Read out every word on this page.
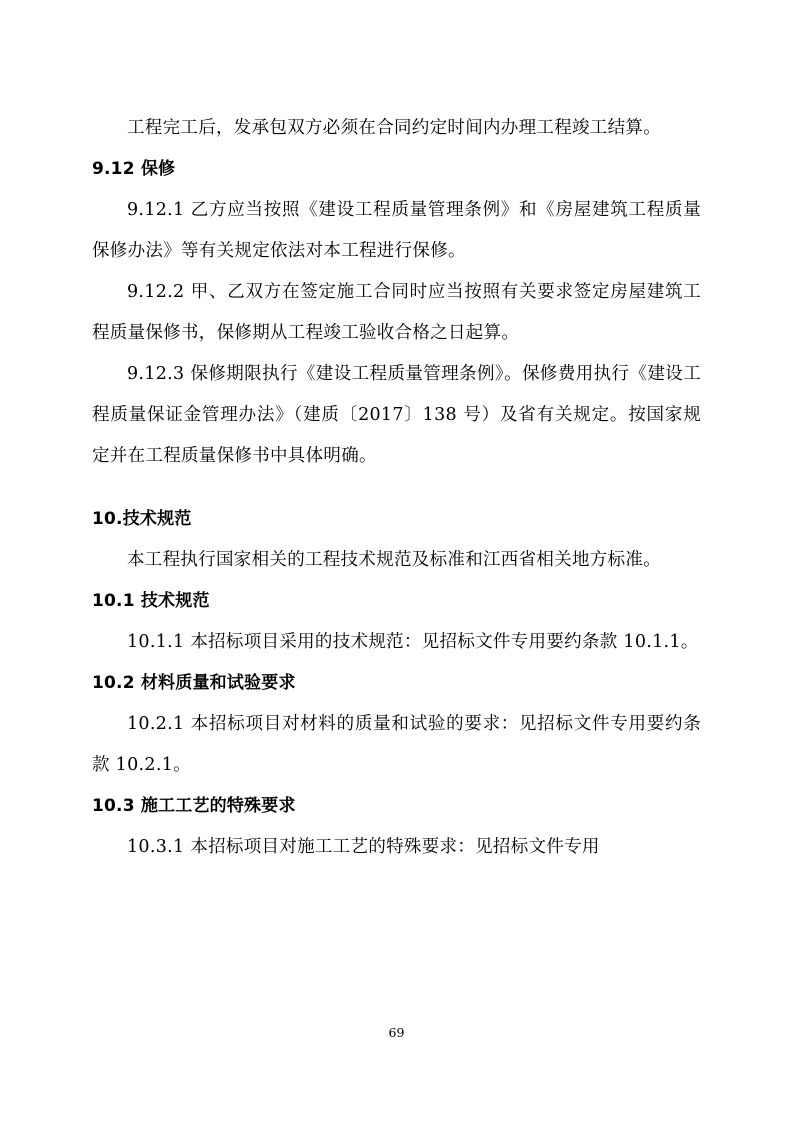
工程完工后，发承包双方必须在合同约定时间内办理工程竣工结算。

9.12 保修

9.12.1 乙方应当按照《建设工程质量管理条例》和《房屋建筑工程质量保修办法》等有关规定依法对本工程进行保修。

9.12.2 甲、乙双方在签定施工合同时应当按照有关要求签定房屋建筑工程质量保修书，保修期从工程竣工验收合格之日起算。

9.12.3 保修期限执行《建设工程质量管理条例》。保修费用执行《建设工程质量保证金管理办法》（建质〔2017〕138 号）及省有关规定。按国家规定并在工程质量保修书中具体明确。

10.技术规范

本工程执行国家相关的工程技术规范及标准和江西省相关地方标准。

10.1 技术规范

10.1.1 本招标项目采用的技术规范：见招标文件专用要约条款 10.1.1。

10.2 材料质量和试验要求

10.2.1 本招标项目对材料的质量和试验的要求：见招标文件专用要约条款 10.2.1。

10.3 施工工艺的特殊要求

10.3.1 本招标项目对施工工艺的特殊要求：见招标文件专用

69
